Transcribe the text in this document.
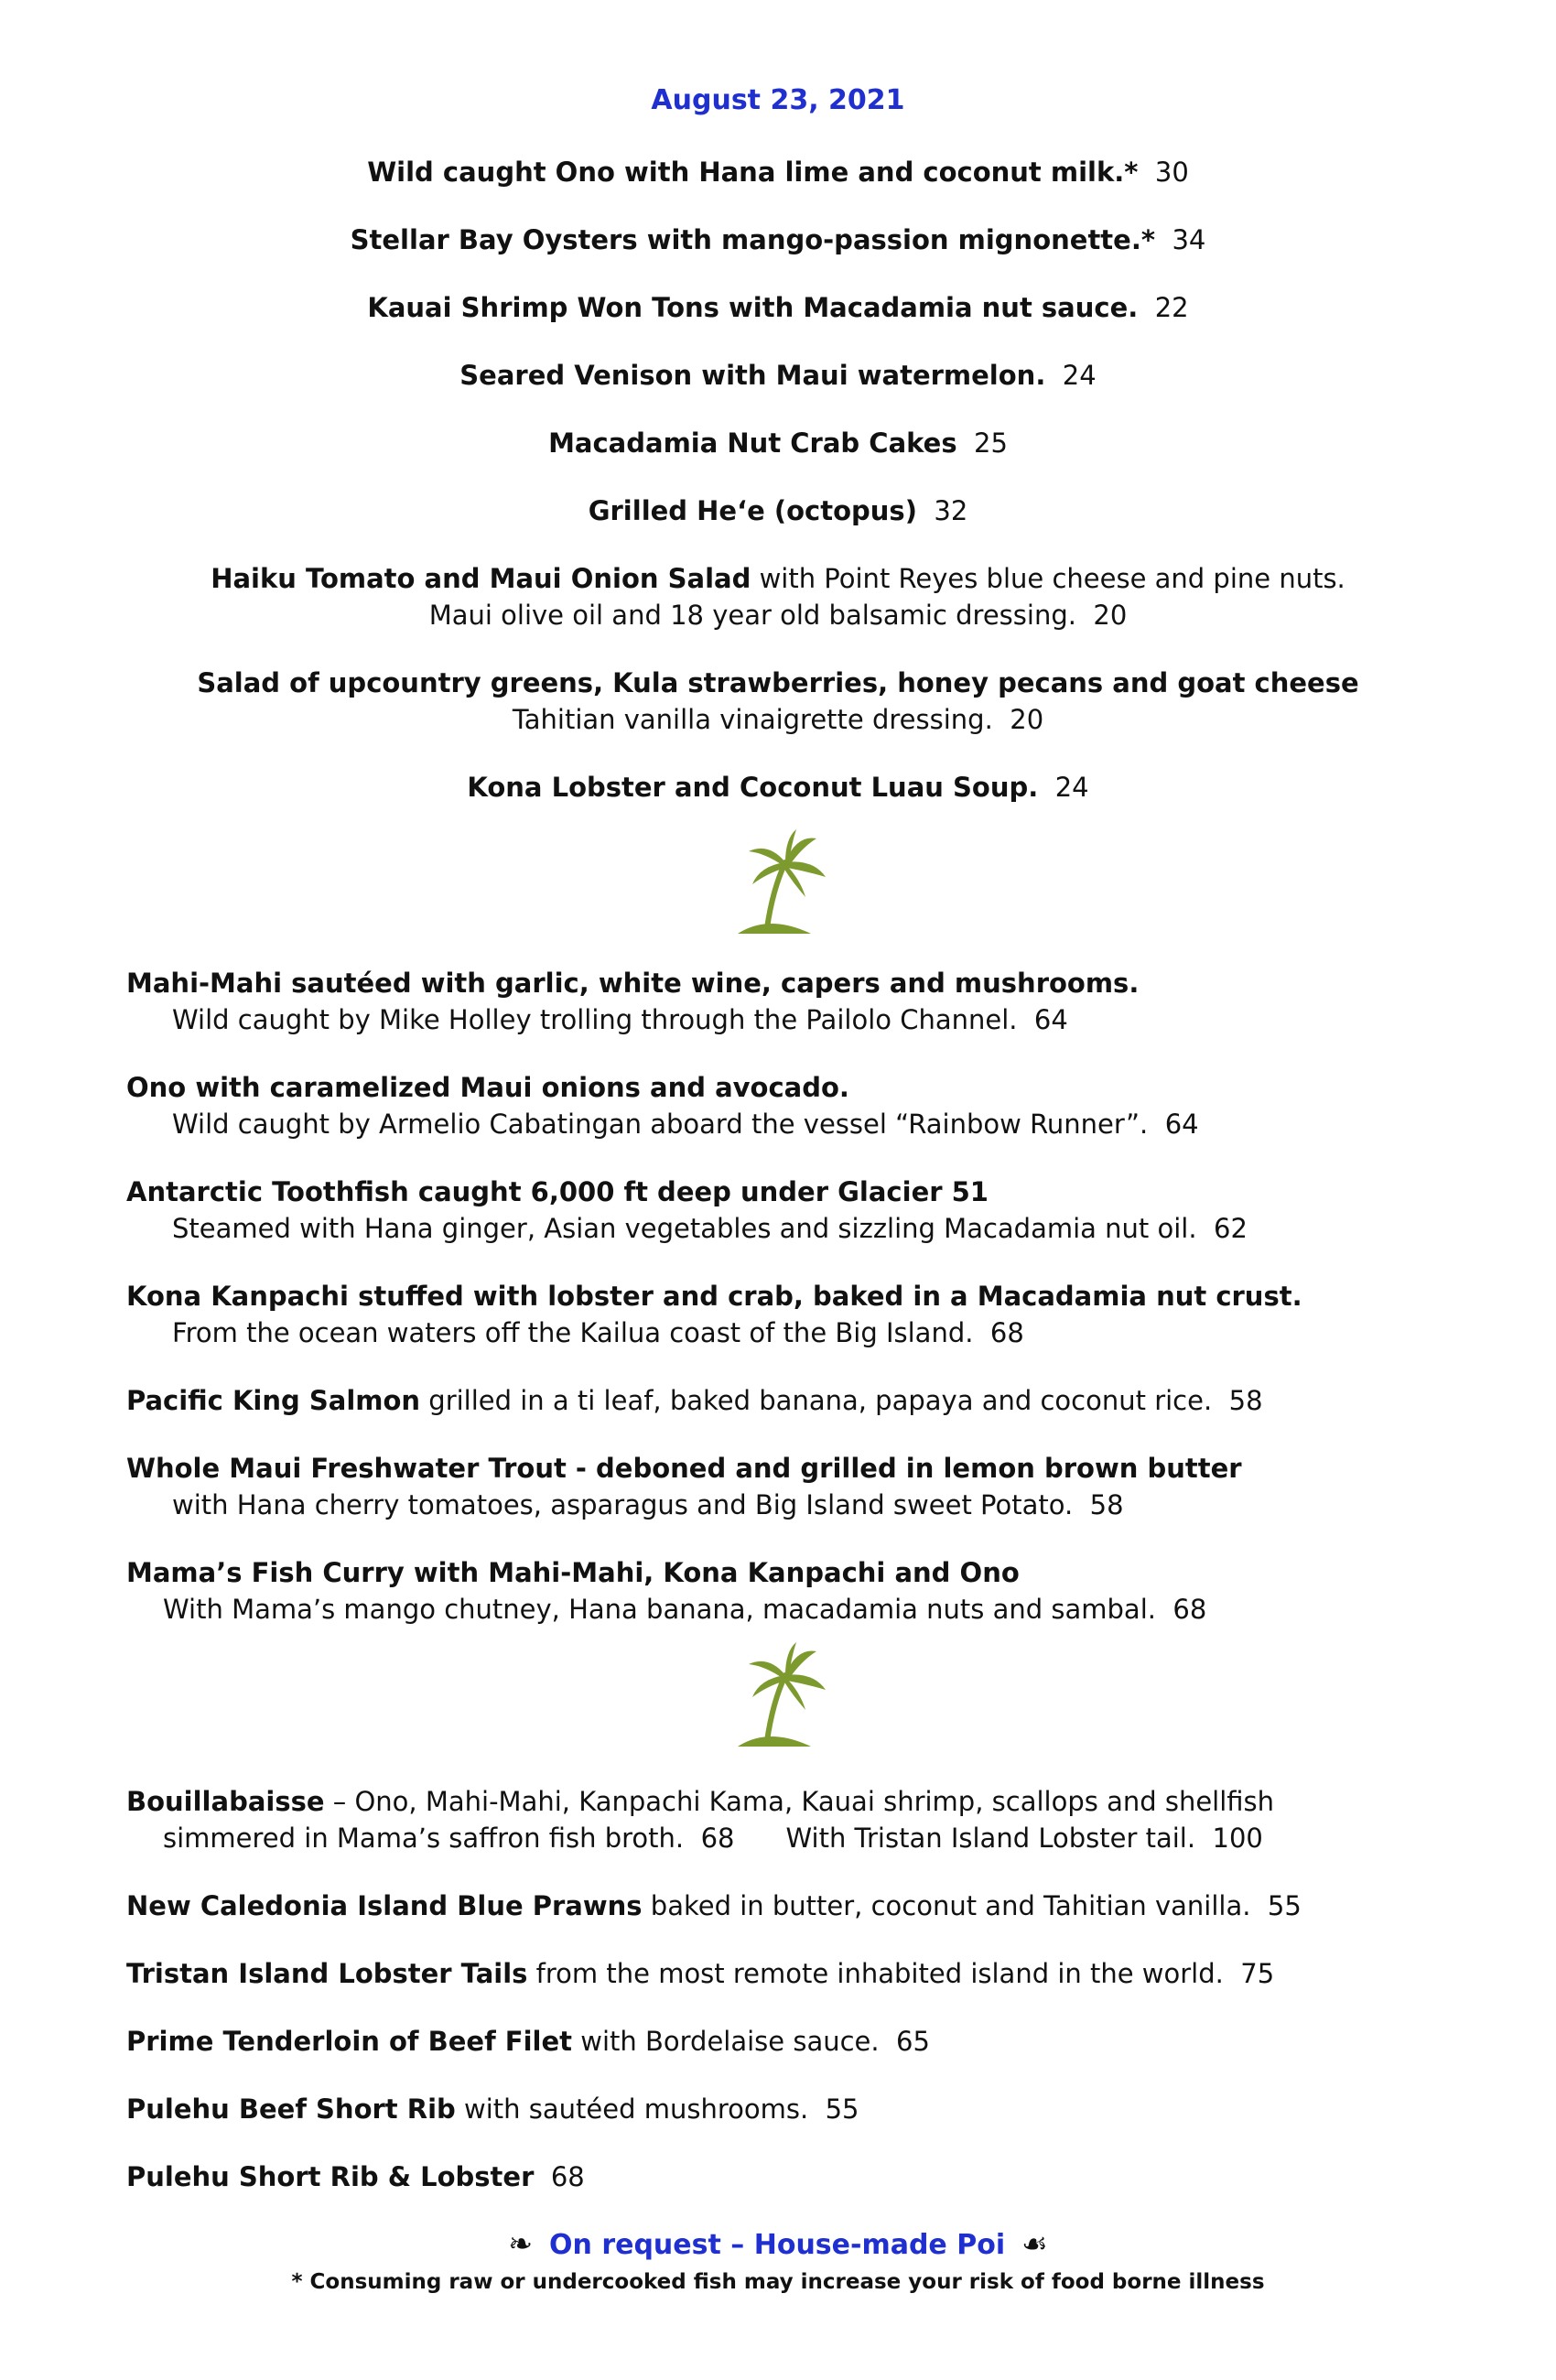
August 23, 2021
Wild caught Ono with Hana lime and coconut milk.* 30
Stellar Bay Oysters with mango-passion mignonette.* 34
Kauai Shrimp Won Tons with Macadamia nut sauce. 22
Seared Venison with Maui watermelon. 24
Macadamia Nut Crab Cakes 25
Grilled He‘e (octopus) 32
Haiku Tomato and Maui Onion Salad with Point Reyes blue cheese and pine nuts.
Maui olive oil and 18 year old balsamic dressing. 20
Salad of upcountry greens, Kula strawberries, honey pecans and goat cheese
Tahitian vanilla vinaigrette dressing. 20
Kona Lobster and Coconut Luau Soup. 24
Mahi-Mahi sautéed with garlic, white wine, capers and mushrooms.
Wild caught by Mike Holley trolling through the Pailolo Channel. 64
Ono with caramelized Maui onions and avocado.
Wild caught by Armelio Cabatingan aboard the vessel “Rainbow Runner”. 64
Antarctic Toothfish caught 6,000 ft deep under Glacier 51
Steamed with Hana ginger, Asian vegetables and sizzling Macadamia nut oil. 62
Kona Kanpachi stuffed with lobster and crab, baked in a Macadamia nut crust.
From the ocean waters off the Kailua coast of the Big Island. 68
Pacific King Salmon grilled in a ti leaf, baked banana, papaya and coconut rice. 58
Whole Maui Freshwater Trout - deboned and grilled in lemon brown butter
with Hana cherry tomatoes, asparagus and Big Island sweet Potato. 58
Mama’s Fish Curry with Mahi-Mahi, Kona Kanpachi and Ono
With Mama’s mango chutney, Hana banana, macadamia nuts and sambal. 68
Bouillabaisse – Ono, Mahi-Mahi, Kanpachi Kama, Kauai shrimp, scallops and shellfish
simmered in Mama’s saffron fish broth. 68 With Tristan Island Lobster tail. 100
New Caledonia Island Blue Prawns baked in butter, coconut and Tahitian vanilla. 55
Tristan Island Lobster Tails from the most remote inhabited island in the world. 75
Prime Tenderloin of Beef Filet with Bordelaise sauce. 65
Pulehu Beef Short Rib with sautéed mushrooms. 55
Pulehu Short Rib & Lobster 68
❧ On request – House-made Poi ☙
* Consuming raw or undercooked fish may increase your risk of food borne illness
